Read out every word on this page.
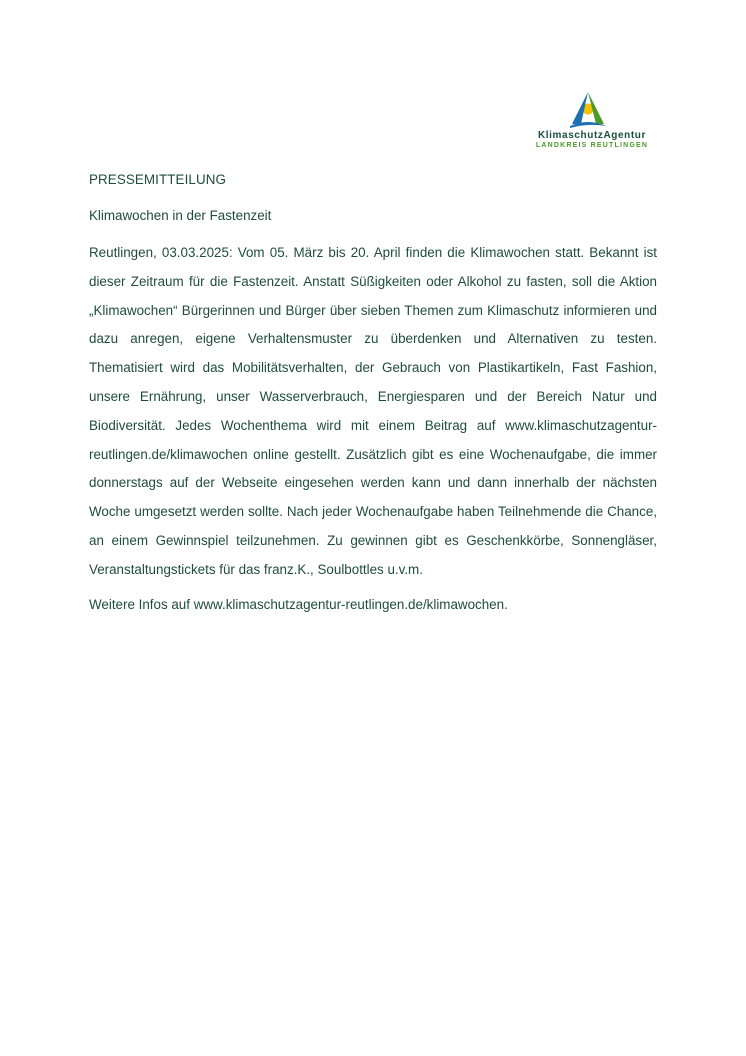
KlimaschutzAgentur
LANDKREIS REUTLINGEN
PRESSEMITTEILUNG
Klimawochen in der Fastenzeit

Reutlingen, 03.03.2025: Vom 05. März bis 20. April finden die Klimawochen statt. Bekannt ist dieser Zeitraum für die Fastenzeit. Anstatt Süßigkeiten oder Alkohol zu fasten, soll die Aktion „Klimawochen“ Bürgerinnen und Bürger über sieben Themen zum Klimaschutz informieren und dazu anregen, eigene Verhaltensmuster zu überdenken und Alternativen zu testen. Thematisiert wird das Mobilitätsverhalten, der Gebrauch von Plastikartikeln, Fast Fashion, unsere Ernährung, unser Wasserverbrauch, Energiesparen und der Bereich Natur und Biodiversität. Jedes Wochenthema wird mit einem Beitrag auf www.klimaschutzagentur-reutlingen.de/klimawochen online gestellt. Zusätzlich gibt es eine Wochenaufgabe, die immer donnerstags auf der Webseite eingesehen werden kann und dann innerhalb der nächsten Woche umgesetzt werden sollte. Nach jeder Wochenaufgabe haben Teilnehmende die Chance, an einem Gewinnspiel teilzunehmen. Zu gewinnen gibt es Geschenkkörbe, Sonnengläser, Veranstaltungstickets für das franz.K., Soulbottles u.v.m.

Weitere Infos auf www.klimaschutzagentur-reutlingen.de/klimawochen.
